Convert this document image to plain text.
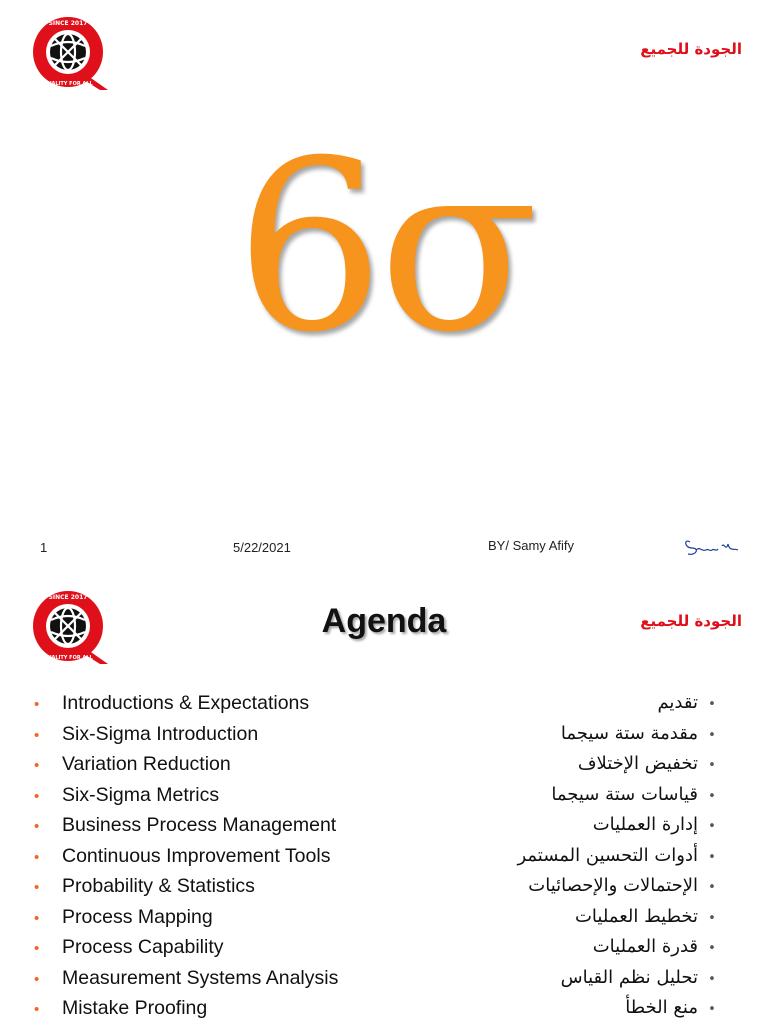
SINCE 2017
QUALITY FOR ALL
الجودة للجميع
6σ
1	5/22/2021	BY/ Samy Afify
SINCE 2017
QUALITY FOR ALL
الجودة للجميع
Agenda
• Introductions & Expectations
• Six-Sigma Introduction
• Variation Reduction
• Six-Sigma Metrics
• Business Process Management
• Continuous Improvement Tools
• Probability & Statistics
• Process Mapping
• Process Capability
• Measurement Systems Analysis
• Mistake Proofing
•تقديم
•مقدمة ستة سيجما
•تخفيض الإختلاف
•قياسات ستة سيجما
•إدارة العمليات
•أدوات التحسين المستمر
•الإحتمالات والإحصائيات
•تخطيط العمليات
•قدرة العمليات
•تحليل نظم القياس
•منع الخطأ
